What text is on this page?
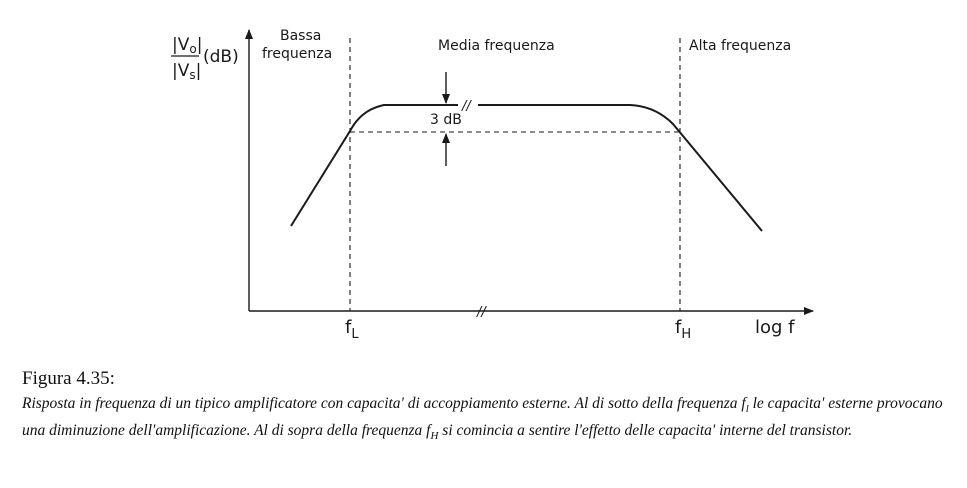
|Vo|
|Vs|
(dB)
//
//
3 dB
Bassa
frequenza	Media frequenza	Alta frequenza
$f_L$	$f_H$	log f
Figura 4.35:
Risposta in frequenza di un tipico amplificatore con capacita' di accoppiamento esterne. Al di sotto della frequenza $f_l$ le capacita' esterne provocano una diminuzione dell'amplificazione. Al di sopra della frequenza $f_H$ si comincia a sentire l'effetto delle capacita' interne del transistor.
